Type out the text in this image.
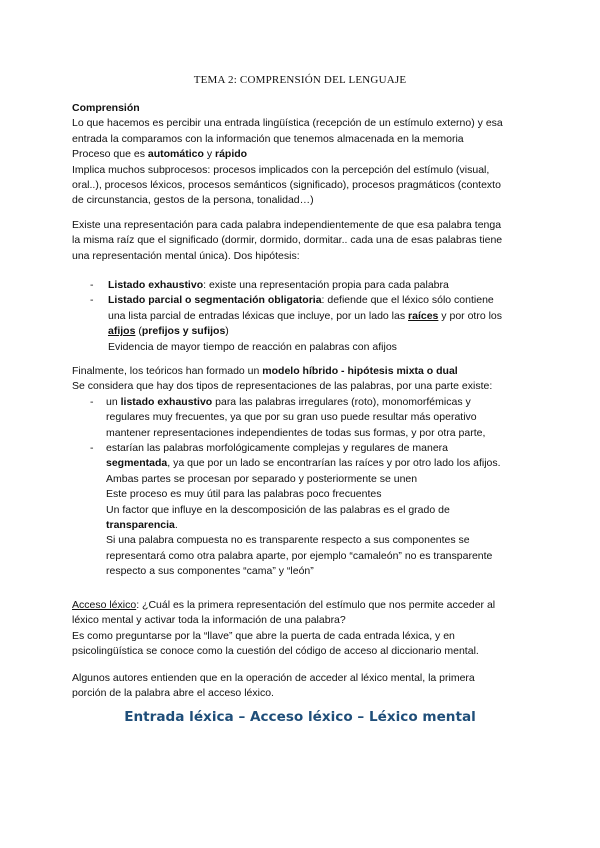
TEMA 2: COMPRENSIÓN DEL LENGUAJE
Comprensión
Lo que hacemos es percibir una entrada lingüística (recepción de un estímulo externo) y esa
entrada la comparamos con la información que tenemos almacenada en la memoria
Proceso que es automático y rápido
Implica muchos subprocesos: procesos implicados con la percepción del estímulo (visual,
oral..), procesos léxicos, procesos semánticos (significado), procesos pragmáticos (contexto
de circunstancia, gestos de la persona, tonalidad…)
Existe una representación para cada palabra independientemente de que esa palabra tenga
la misma raíz que el significado (dormir, dormido, dormitar.. cada una de esas palabras tiene
una representación mental única). Dos hipótesis:
- Listado exhaustivo: existe una representación propia para cada palabra
- Listado parcial o segmentación obligatoria: defiende que el léxico sólo contiene
una lista parcial de entradas léxicas que incluye, por un lado las raíces y por otro los
afijos (prefijos y sufijos)
Evidencia de mayor tiempo de reacción en palabras con afijos
Finalmente, los teóricos han formado un modelo híbrido - hipótesis mixta o dual
Se considera que hay dos tipos de representaciones de las palabras, por una parte existe:
- un listado exhaustivo para las palabras irregulares (roto), monomorfémicas y
regulares muy frecuentes, ya que por su gran uso puede resultar más operativo
mantener representaciones independientes de todas sus formas, y por otra parte,
- estarían las palabras morfológicamente complejas y regulares de manera
segmentada, ya que por un lado se encontrarían las raíces y por otro lado los afijos.
Ambas partes se procesan por separado y posteriormente se unen
Este proceso es muy útil para las palabras poco frecuentes
Un factor que influye en la descomposición de las palabras es el grado de
transparencia.
Si una palabra compuesta no es transparente respecto a sus componentes se
representará como otra palabra aparte, por ejemplo “camaleón” no es transparente
respecto a sus componentes “cama” y “león”
Acceso léxico: ¿Cuál es la primera representación del estímulo que nos permite acceder al
léxico mental y activar toda la información de una palabra?
Es como preguntarse por la “llave” que abre la puerta de cada entrada léxica, y en
psicolingüística se conoce como la cuestión del código de acceso al diccionario mental.
Algunos autores entienden que en la operación de acceder al léxico mental, la primera
porción de la palabra abre el acceso léxico.
Entrada léxica – Acceso léxico – Léxico mental
